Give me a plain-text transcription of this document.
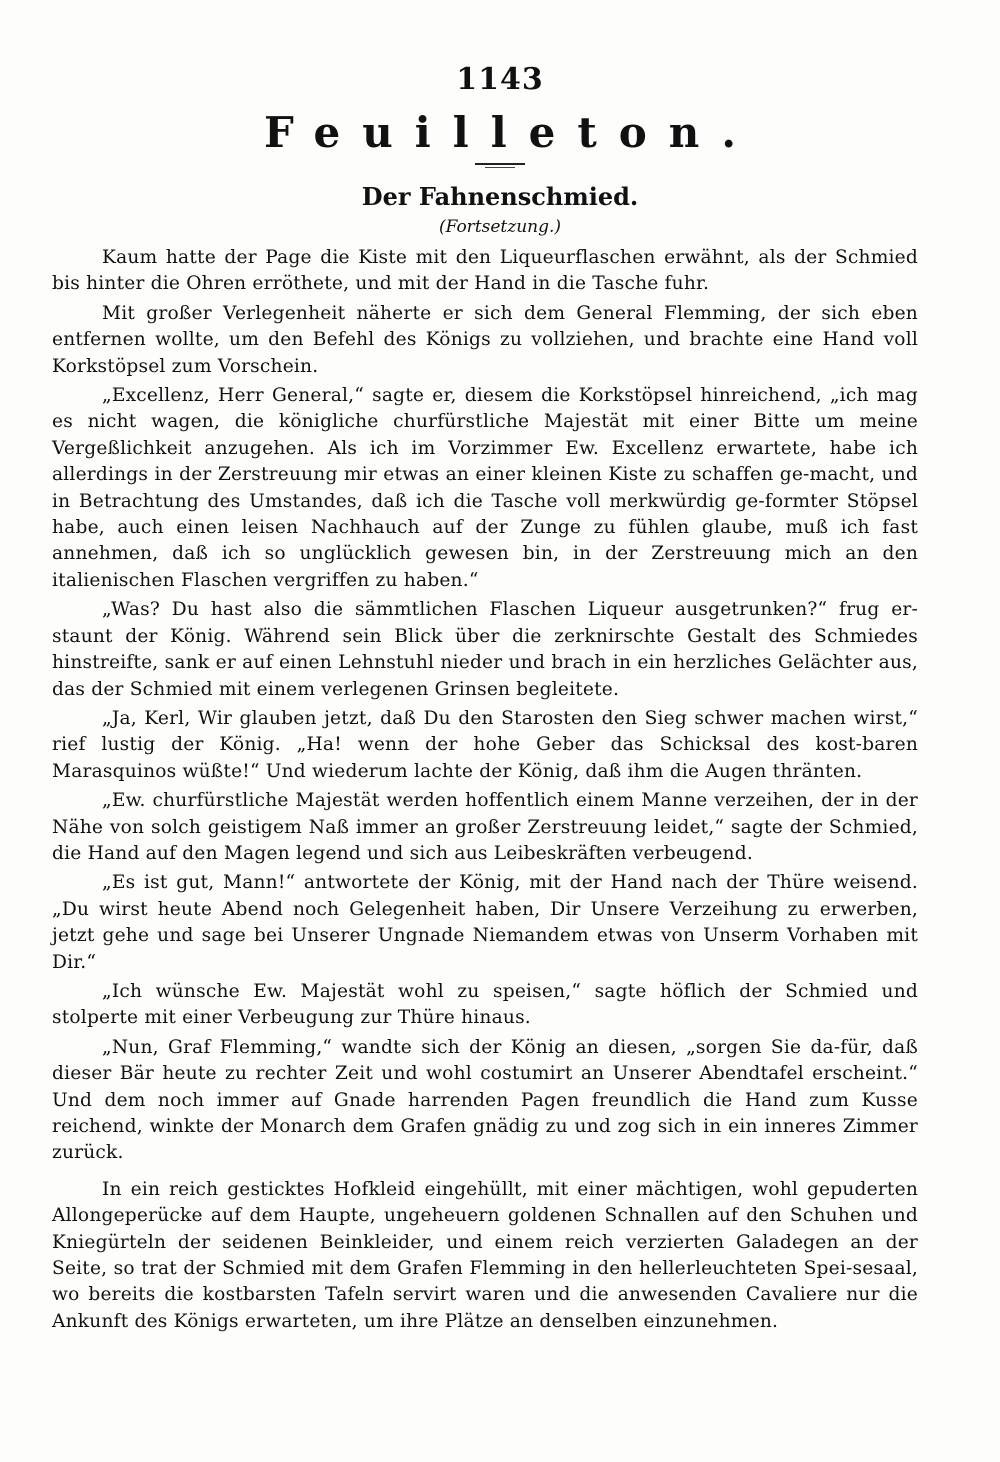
1143
Feuilleton.
Der Fahnenschmied.
(Fortsetzung.)

Kaum hatte der Page die Kiste mit den Liqueurflaschen erwähnt, als der Schmied bis hinter die Ohren erröthete, und mit der Hand in die Tasche fuhr.

Mit großer Verlegenheit näherte er sich dem General Flemming, der sich eben entfernen wollte, um den Befehl des Königs zu vollziehen, und brachte eine Hand voll Korkstöpsel zum Vorschein.

„Excellenz, Herr General,“ sagte er, diesem die Korkstöpsel hinreichend, „ich mag es nicht wagen, die königliche churfürstliche Majestät mit einer Bitte um meine Vergeßlichkeit anzugehen. Als ich im Vorzimmer Ew. Excellenz erwartete, habe ich allerdings in der Zerstreuung mir etwas an einer kleinen Kiste zu schaffen ge-macht, und in Betrachtung des Umstandes, daß ich die Tasche voll merkwürdig ge-formter Stöpsel habe, auch einen leisen Nachhauch auf der Zunge zu fühlen glaube, muß ich fast annehmen, daß ich so unglücklich gewesen bin, in der Zerstreuung mich an den italienischen Flaschen vergriffen zu haben.“

„Was? Du hast also die sämmtlichen Flaschen Liqueur ausgetrunken?“ frug er-staunt der König. Während sein Blick über die zerknirschte Gestalt des Schmiedes hinstreifte, sank er auf einen Lehnstuhl nieder und brach in ein herzliches Gelächter aus, das der Schmied mit einem verlegenen Grinsen begleitete.

„Ja, Kerl, Wir glauben jetzt, daß Du den Starosten den Sieg schwer machen wirst,“ rief lustig der König. „Ha! wenn der hohe Geber das Schicksal des kost-baren Marasquinos wüßte!“ Und wiederum lachte der König, daß ihm die Augen thränten.

„Ew. churfürstliche Majestät werden hoffentlich einem Manne verzeihen, der in der Nähe von solch geistigem Naß immer an großer Zerstreuung leidet,“ sagte der Schmied, die Hand auf den Magen legend und sich aus Leibeskräften verbeugend.

„Es ist gut, Mann!“ antwortete der König, mit der Hand nach der Thüre weisend. „Du wirst heute Abend noch Gelegenheit haben, Dir Unsere Verzeihung zu erwerben, jetzt gehe und sage bei Unserer Ungnade Niemandem etwas von Unserm Vorhaben mit Dir.“

„Ich wünsche Ew. Majestät wohl zu speisen,“ sagte höflich der Schmied und stolperte mit einer Verbeugung zur Thüre hinaus.

„Nun, Graf Flemming,“ wandte sich der König an diesen, „sorgen Sie da-für, daß dieser Bär heute zu rechter Zeit und wohl costumirt an Unserer Abendtafel erscheint.“ Und dem noch immer auf Gnade harrenden Pagen freundlich die Hand zum Kusse reichend, winkte der Monarch dem Grafen gnädig zu und zog sich in ein inneres Zimmer zurück.

In ein reich gesticktes Hofkleid eingehüllt, mit einer mächtigen, wohl gepuderten Allongeperücke auf dem Haupte, ungeheuern goldenen Schnallen auf den Schuhen und Kniegürteln der seidenen Beinkleider, und einem reich verzierten Galadegen an der Seite, so trat der Schmied mit dem Grafen Flemming in den hellerleuchteten Spei-sesaal, wo bereits die kostbarsten Tafeln servirt waren und die anwesenden Cavaliere nur die Ankunft des Königs erwarteten, um ihre Plätze an denselben einzunehmen.
